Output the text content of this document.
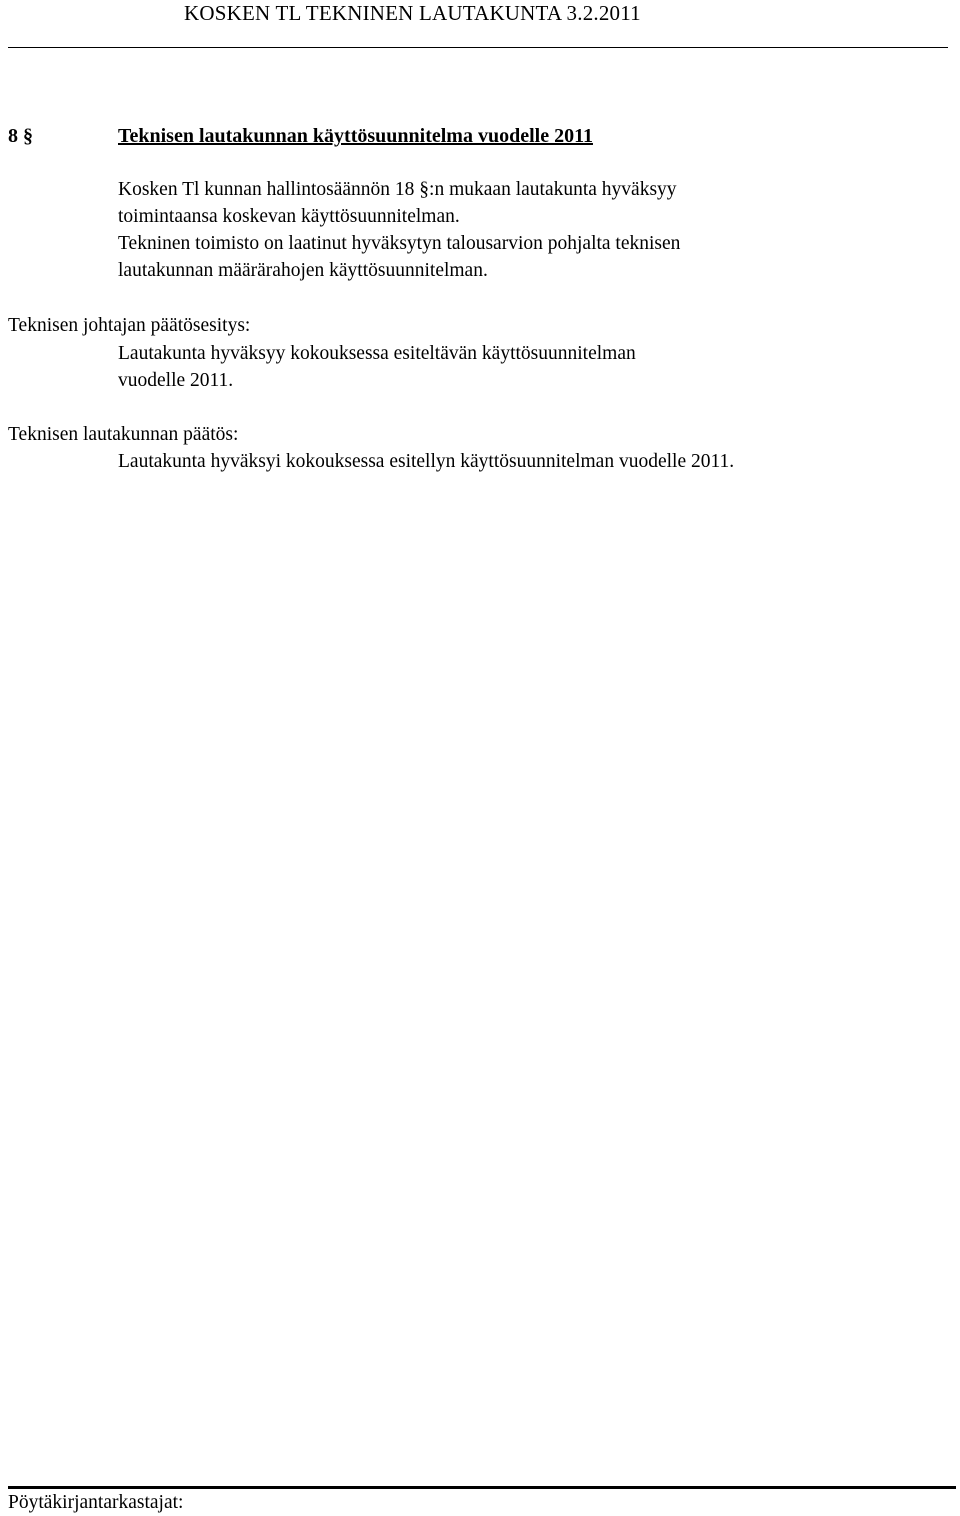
KOSKEN TL TEKNINEN LAUTAKUNTA 3.2.2011
8 §	Teknisen lautakunnan käyttösuunnitelma vuodelle 2011
Kosken Tl kunnan hallintosäännön 18 §:n mukaan lautakunta hyväksyy
toimintaansa koskevan käyttösuunnitelman.
Tekninen toimisto on laatinut hyväksytyn talousarvion pohjalta teknisen
lautakunnan määrärahojen käyttösuunnitelman.
Teknisen johtajan päätösesitys:
Lautakunta hyväksyy kokouksessa esiteltävän käyttösuunnitelman
vuodelle 2011.
Teknisen lautakunnan päätös:
Lautakunta hyväksyi kokouksessa esitellyn käyttösuunnitelman vuodelle 2011.
Pöytäkirjantarkastajat:
